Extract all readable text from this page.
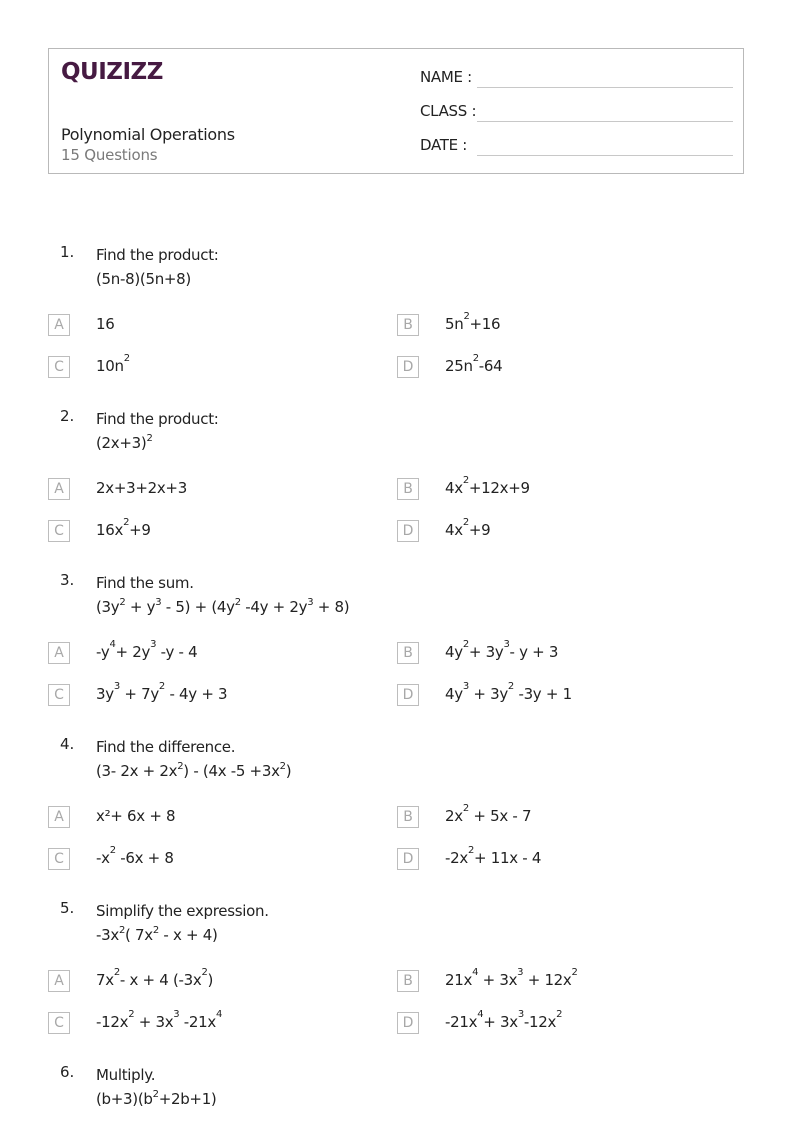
QUIZIZZ
Polynomial Operations
15 Questions
NAME :
CLASS :
DATE :
1. Find the product:
(5n-8)(5n+8)
A	16	B	$5n^2+16$
C	$10n^2$
D	$25n^2-64$
2. Find the product:
$(2x+3)^2$
A	2x+3+2x+3	B	$4x^2+12x+9$
C	$16x^2+9$	D	$4x^2+9$
3. Find the sum.
$(3y^2 + y^3 - 5) + (4y^2$ $-4y + 2y^3 + 8$)
A	$-y^4+ 2y^3$ -y - 4	B	$4y^2+ 3y^3-$ y + 3
C	$3y^3 + 7y^2 - 4y + 3$	D	$4y^3 + 3y^2$ -3y + 1
4. Find the difference.
(3- $2x + 2x^2) - (4x$ $-5 +3x^2$)
A	x²+ 6x + 8	B	$2x^2 + 5x - 7$
C	$-x^2$ -6x + 8	D	$-2x^2+ 11x - 4$
5. Simplify the expression.
$-3x^2$( $7x^2 - x + 4$)
A	$7x^2-$ x + 4 $(-3x^2)$	B	$21x^4 + 3x^3 + 12x^2$
C	$-12x^2 + 3x^3$ $-21x^4$
D	$-21x^4+ 3x^3-12x^2$
6. Multiply.
$(b+3)(b^2+2b+1)$
